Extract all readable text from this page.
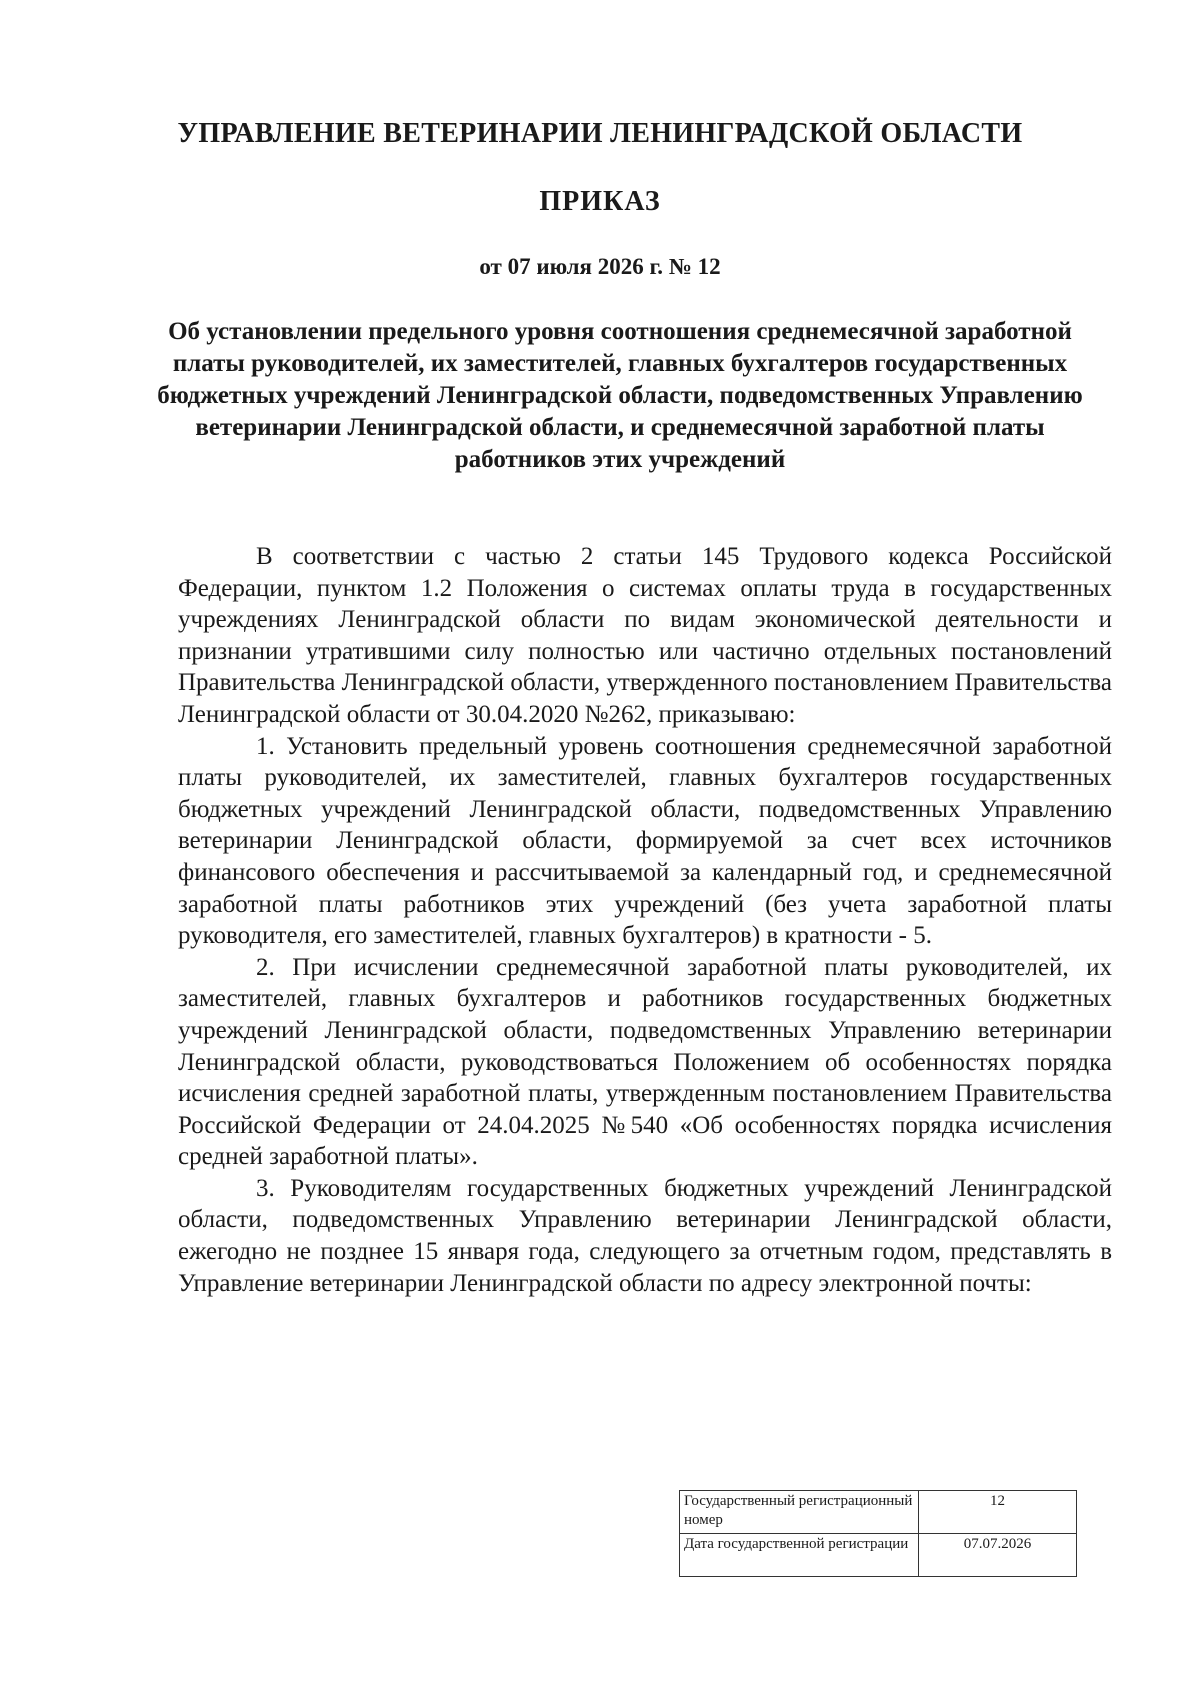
УПРАВЛЕНИЕ ВЕТЕРИНАРИИ ЛЕНИНГРАДСКОЙ ОБЛАСТИ
ПРИКАЗ
от 07 июля 2026 г. № 12
Об установлении предельного уровня соотношения среднемесячной заработной платы руководителей, их заместителей, главных бухгалтеров государственных бюджетных учреждений Ленинградской области, подведомственных Управлению ветеринарии Ленинградской области, и среднемесячной заработной платы работников этих учреждений

В соответствии с частью 2 статьи 145 Трудового кодекса Российской Федерации, пунктом 1.2 Положения о системах оплаты труда в государственных учреждениях Ленинградской области по видам экономической деятельности и признании утратившими силу полностью или частично отдельных постановлений Правительства Ленинградской области, утвержденного постановлением Правительства Ленинградской области от 30.04.2020 №262, приказываю:

1. Установить предельный уровень соотношения среднемесячной заработной платы руководителей, их заместителей, главных бухгалтеров государственных бюджетных учреждений Ленинградской области, подведомственных Управлению ветеринарии Ленинградской области, формируемой за счет всех источников финансового обеспечения и рассчитываемой за календарный год, и среднемесячной заработной платы работников этих учреждений (без учета заработной платы руководителя, его заместителей, главных бухгалтеров) в кратности - 5.

2. При исчислении среднемесячной заработной платы руководителей, их заместителей, главных бухгалтеров и работников государственных бюджетных учреждений Ленинградской области, подведомственных Управлению ветеринарии Ленинградской области, руководствоваться Положением об особенностях порядка исчисления средней заработной платы, утвержденным постановлением Правительства Российской Федерации от 24.04.2025 №540 «Об особенностях порядка исчисления средней заработной платы».

3. Руководителям государственных бюджетных учреждений Ленинградской области, подведомственных Управлению ветеринарии Ленинградской области, ежегодно не позднее 15 января года, следующего за отчетным годом, представлять в Управление ветеринарии Ленинградской области по адресу электронной почты:

Государственный регистрационный номер	12
Дата государственной регистрации	07.07.2026
